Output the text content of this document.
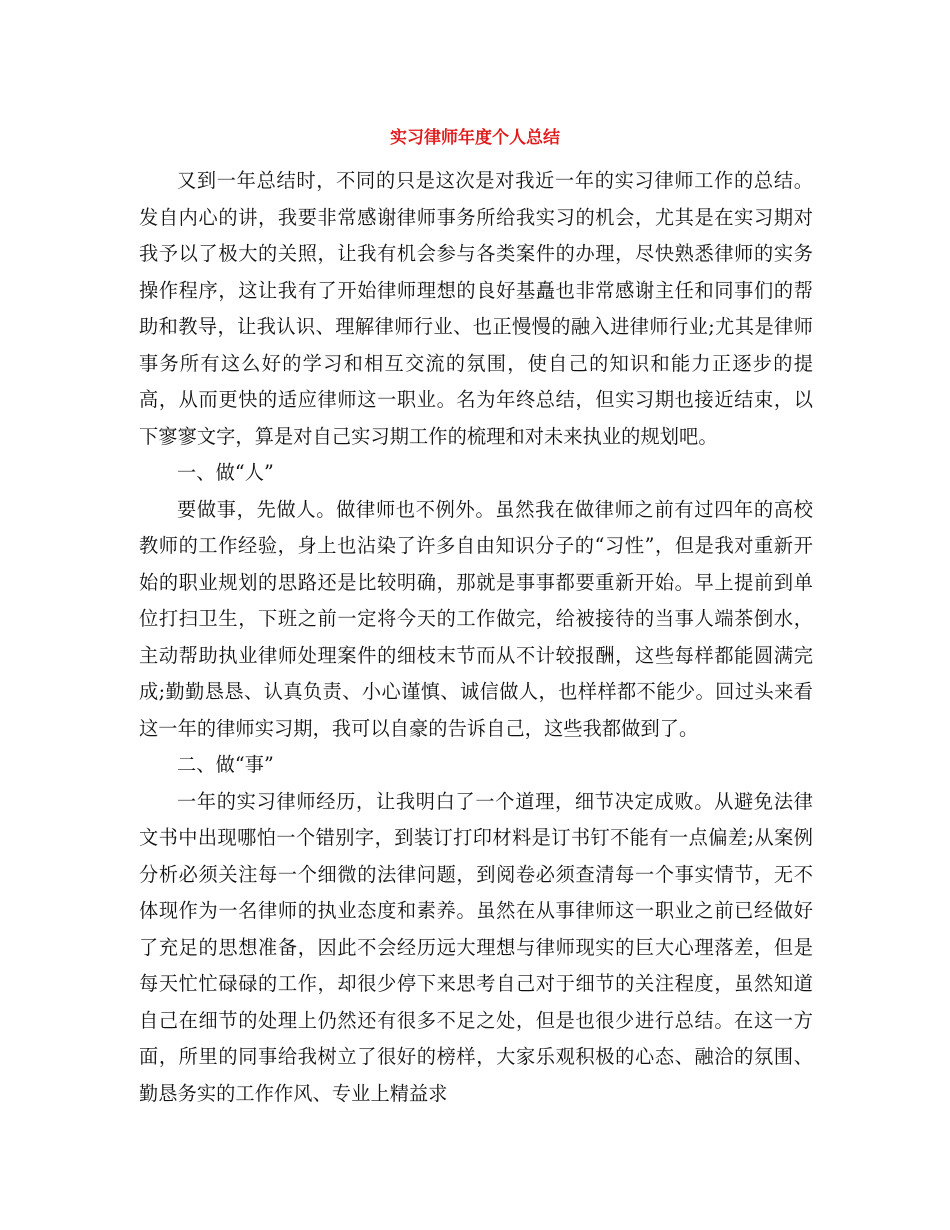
实习律师年度个人总结

又到一年总结时，不同的只是这次是对我近一年的实习律师工作的总结。发自内心的讲，我要非常感谢律师事务所给我实习的机会，尤其是在实习期对我予以了极大的关照，让我有机会参与各类案件的办理，尽快熟悉律师的实务操作程序，这让我有了开始律师理想的良好基矗也非常感谢主任和同事们的帮助和教导，让我认识、理解律师行业、也正慢慢的融入进律师行业;尤其是律师事务所有这么好的学习和相互交流的氛围，使自己的知识和能力正逐步的提高，从而更快的适应律师这一职业。名为年终总结，但实习期也接近结束，以下寥寥文字，算是对自己实习期工作的梳理和对未来执业的规划吧。

一、做“人”

要做事，先做人。做律师也不例外。虽然我在做律师之前有过四年的高校教师的工作经验，身上也沾染了许多自由知识分子的“习性”，但是我对重新开始的职业规划的思路还是比较明确，那就是事事都要重新开始。早上提前到单位打扫卫生，下班之前一定将今天的工作做完，给被接待的当事人端茶倒水，主动帮助执业律师处理案件的细枝末节而从不计较报酬，这些每样都能圆满完成;勤勤恳恳、认真负责、小心谨慎、诚信做人，也样样都不能少。回过头来看这一年的律师实习期，我可以自豪的告诉自己，这些我都做到了。

二、做“事”

一年的实习律师经历，让我明白了一个道理，细节决定成败。从避免法律文书中出现哪怕一个错别字，到装订打印材料是订书钉不能有一点偏差;从案例分析必须关注每一个细微的法律问题，到阅卷必须查清每一个事实情节，无不体现作为一名律师的执业态度和素养。虽然在从事律师这一职业之前已经做好了充足的思想准备，因此不会经历远大理想与律师现实的巨大心理落差，但是每天忙忙碌碌的工作，却很少停下来思考自己对于细节的关注程度，虽然知道自己在细节的处理上仍然还有很多不足之处，但是也很少进行总结。在这一方面，所里的同事给我树立了很好的榜样，大家乐观积极的心态、融洽的氛围、勤恳务实的工作作风、专业上精益求
